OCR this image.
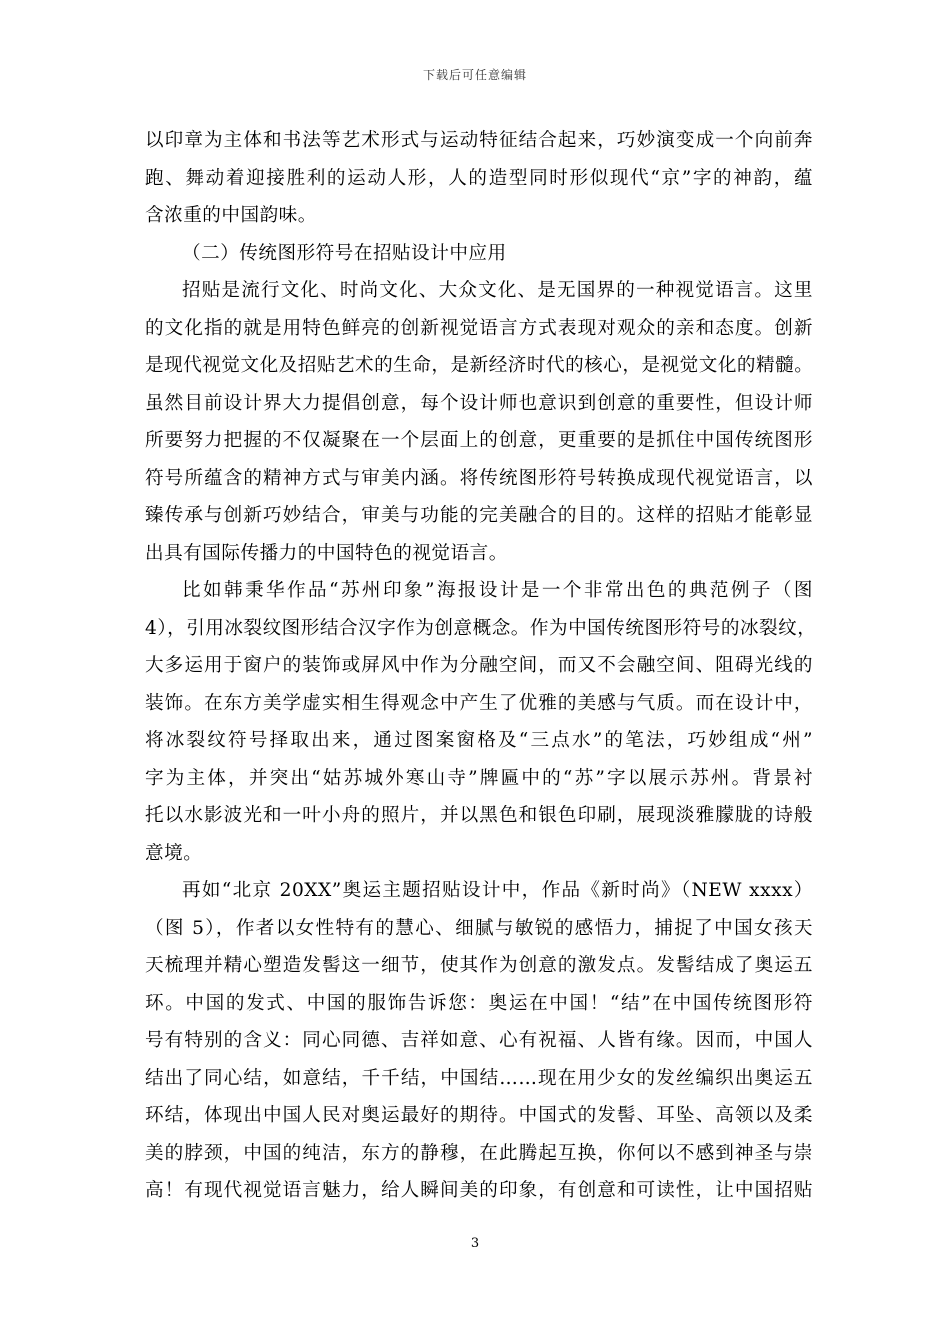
下载后可任意编辑
以印章为主体和书法等艺术形式与运动特征结合起来，巧妙演变成一个向前奔
跑、舞动着迎接胜利的运动人形，人的造型同时形似现代“京”字的神韵，蕴
含浓重的中国韵味。
（二）传统图形符号在招贴设计中应用
招贴是流行文化、时尚文化、大众文化、是无国界的一种视觉语言。这里
的文化指的就是用特色鲜亮的创新视觉语言方式表现对观众的亲和态度。创新
是现代视觉文化及招贴艺术的生命，是新经济时代的核心，是视觉文化的精髓。
虽然目前设计界大力提倡创意，每个设计师也意识到创意的重要性，但设计师
所要努力把握的不仅凝聚在一个层面上的创意，更重要的是抓住中国传统图形
符号所蕴含的精神方式与审美内涵。将传统图形符号转换成现代视觉语言，以
臻传承与创新巧妙结合，审美与功能的完美融合的目的。这样的招贴才能彰显
出具有国际传播力的中国特色的视觉语言。
比如韩秉华作品“苏州印象”海报设计是一个非常出色的典范例子（图
4），引用冰裂纹图形结合汉字作为创意概念。作为中国传统图形符号的冰裂纹，
大多运用于窗户的装饰或屏风中作为分融空间，而又不会融空间、阻碍光线的
装饰。在东方美学虚实相生得观念中产生了优雅的美感与气质。而在设计中，
将冰裂纹符号择取出来，通过图案窗格及“三点水”的笔法，巧妙组成“州”
字为主体，并突出“姑苏城外寒山寺”牌匾中的“苏”字以展示苏州。背景衬
托以水影波光和一叶小舟的照片，并以黑色和银色印刷，展现淡雅朦胧的诗般
意境。
再如“北京 20XX”奥运主题招贴设计中，作品《新时尚》（NEW xxxx）
（图 5），作者以女性特有的慧心、细腻与敏锐的感悟力，捕捉了中国女孩天
天梳理并精心塑造发髻这一细节，使其作为创意的激发点。发髻结成了奥运五
环。中国的发式、中国的服饰告诉您：奥运在中国！“结”在中国传统图形符
号有特别的含义：同心同德、吉祥如意、心有祝福、人皆有缘。因而，中国人
结出了同心结，如意结，千千结，中国结……现在用少女的发丝编织出奥运五
环结，体现出中国人民对奥运最好的期待。中国式的发髻、耳坠、高领以及柔
美的脖颈，中国的纯洁，东方的静穆，在此腾起互换，你何以不感到神圣与崇
高！有现代视觉语言魅力，给人瞬间美的印象，有创意和可读性，让中国招贴
3
